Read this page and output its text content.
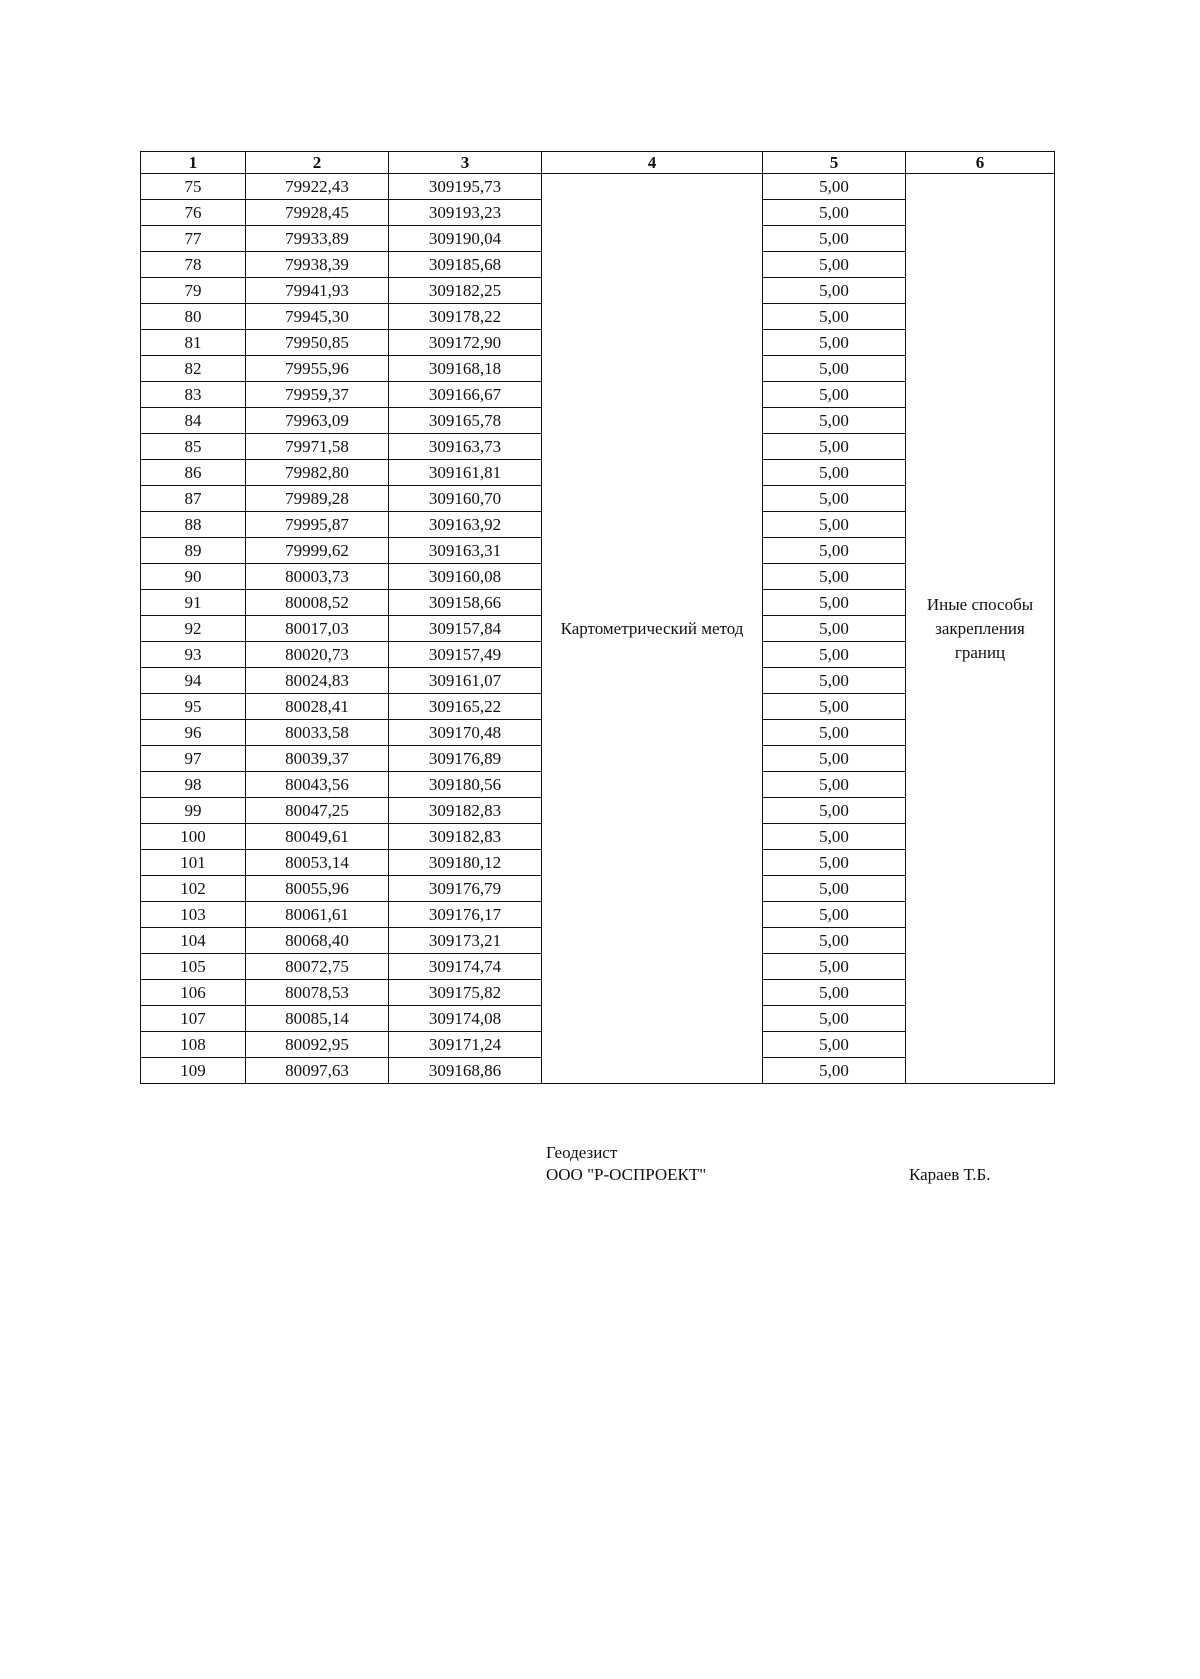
1	2	3	4	5	6
75	79922,43	309195,73	Картометрический метод	5,00	Иные способы закрепления границ
76	79928,45	309193,23		5,00	
77	79933,89	309190,04		5,00	
78	79938,39	309185,68		5,00	
79	79941,93	309182,25		5,00	
80	79945,30	309178,22		5,00	
81	79950,85	309172,90		5,00	
82	79955,96	309168,18		5,00	
83	79959,37	309166,67		5,00	
84	79963,09	309165,78		5,00	
85	79971,58	309163,73		5,00	
86	79982,80	309161,81		5,00	
87	79989,28	309160,70		5,00	
88	79995,87	309163,92		5,00	
89	79999,62	309163,31		5,00	
90	80003,73	309160,08		5,00	
91	80008,52	309158,66		5,00	
92	80017,03	309157,84		5,00	
93	80020,73	309157,49		5,00	
94	80024,83	309161,07		5,00	
95	80028,41	309165,22		5,00	
96	80033,58	309170,48		5,00	
97	80039,37	309176,89		5,00	
98	80043,56	309180,56		5,00	
99	80047,25	309182,83		5,00	
100	80049,61	309182,83		5,00	
101	80053,14	309180,12		5,00	
102	80055,96	309176,79		5,00	
103	80061,61	309176,17		5,00	
104	80068,40	309173,21		5,00	
105	80072,75	309174,74		5,00	
106	80078,53	309175,82		5,00	
107	80085,14	309174,08		5,00	
108	80092,95	309171,24		5,00	
109	80097,63	309168,86		5,00	
Геодезист
ООО "Р-ОСПРОЕКТ"	Караев Т.Б.
